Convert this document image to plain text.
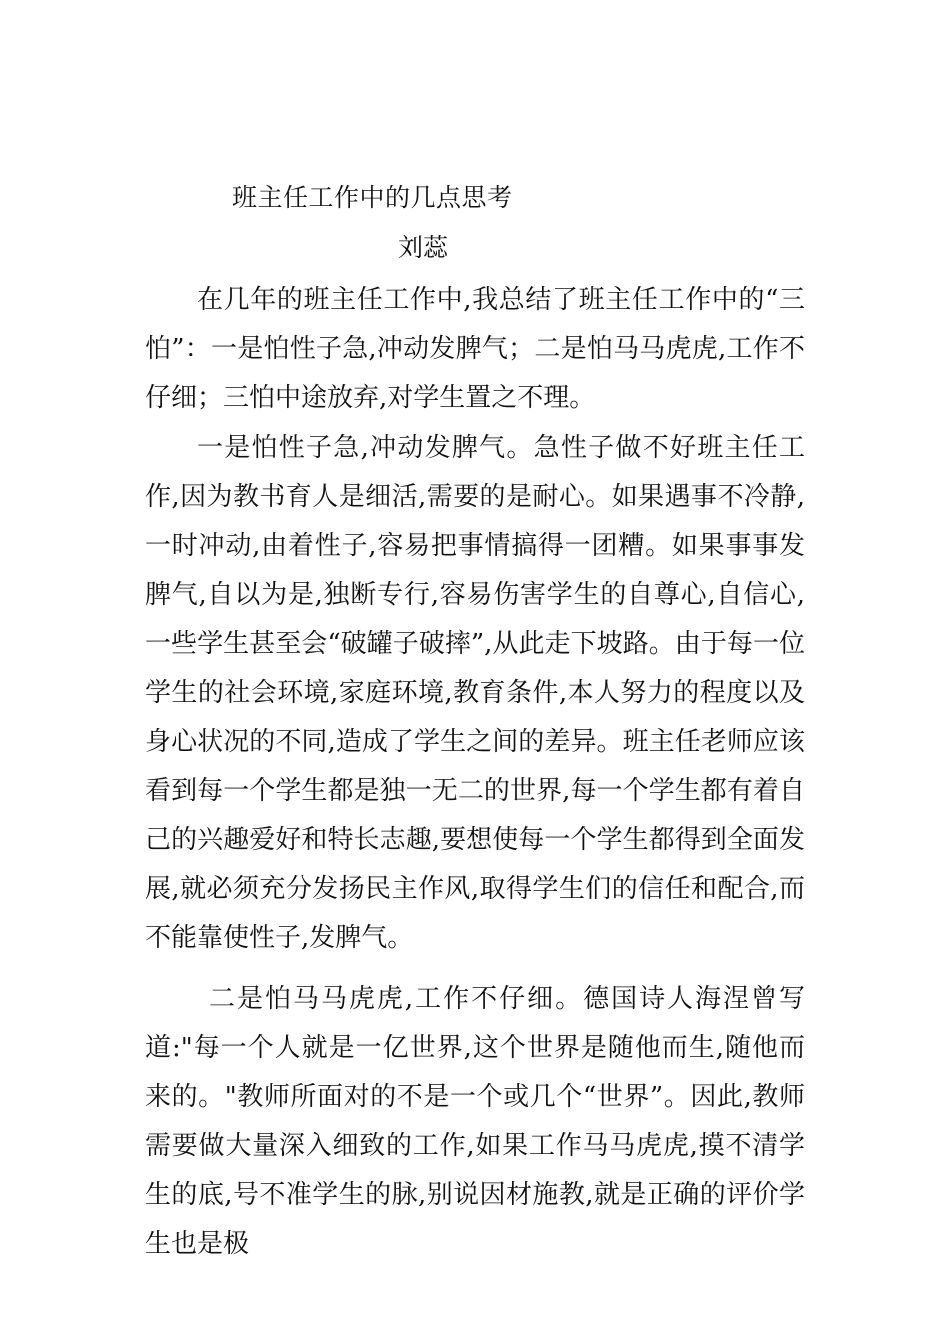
班主任工作中的几点思考
刘蕊

在几年的班主任工作中,我总结了班主任工作中的“三怕”：一是怕性子急,冲动发脾气；二是怕马马虎虎,工作不仔细；三怕中途放弃,对学生置之不理。

一是怕性子急,冲动发脾气。急性子做不好班主任工作,因为教书育人是细活,需要的是耐心。如果遇事不冷静,一时冲动,由着性子,容易把事情搞得一团糟。如果事事发脾气,自以为是,独断专行,容易伤害学生的自尊心,自信心,一些学生甚至会“破罐子破摔”,从此走下坡路。由于每一位学生的社会环境,家庭环境,教育条件,本人努力的程度以及身心状况的不同,造成了学生之间的差异。班主任老师应该看到每一个学生都是独一无二的世界,每一个学生都有着自己的兴趣爱好和特长志趣,要想使每一个学生都得到全面发展,就必须充分发扬民主作风,取得学生们的信任和配合,而不能靠使性子,发脾气。

二是怕马马虎虎,工作不仔细。德国诗人海涅曾写道:"每一个人就是一亿世界,这个世界是随他而生,随他而来的。"教师所面对的不是一个或几个“世界”。因此,教师需要做大量深入细致的工作,如果工作马马虎虎,摸不清学生的底,号不准学生的脉,别说因材施教,就是正确的评价学生也是极
